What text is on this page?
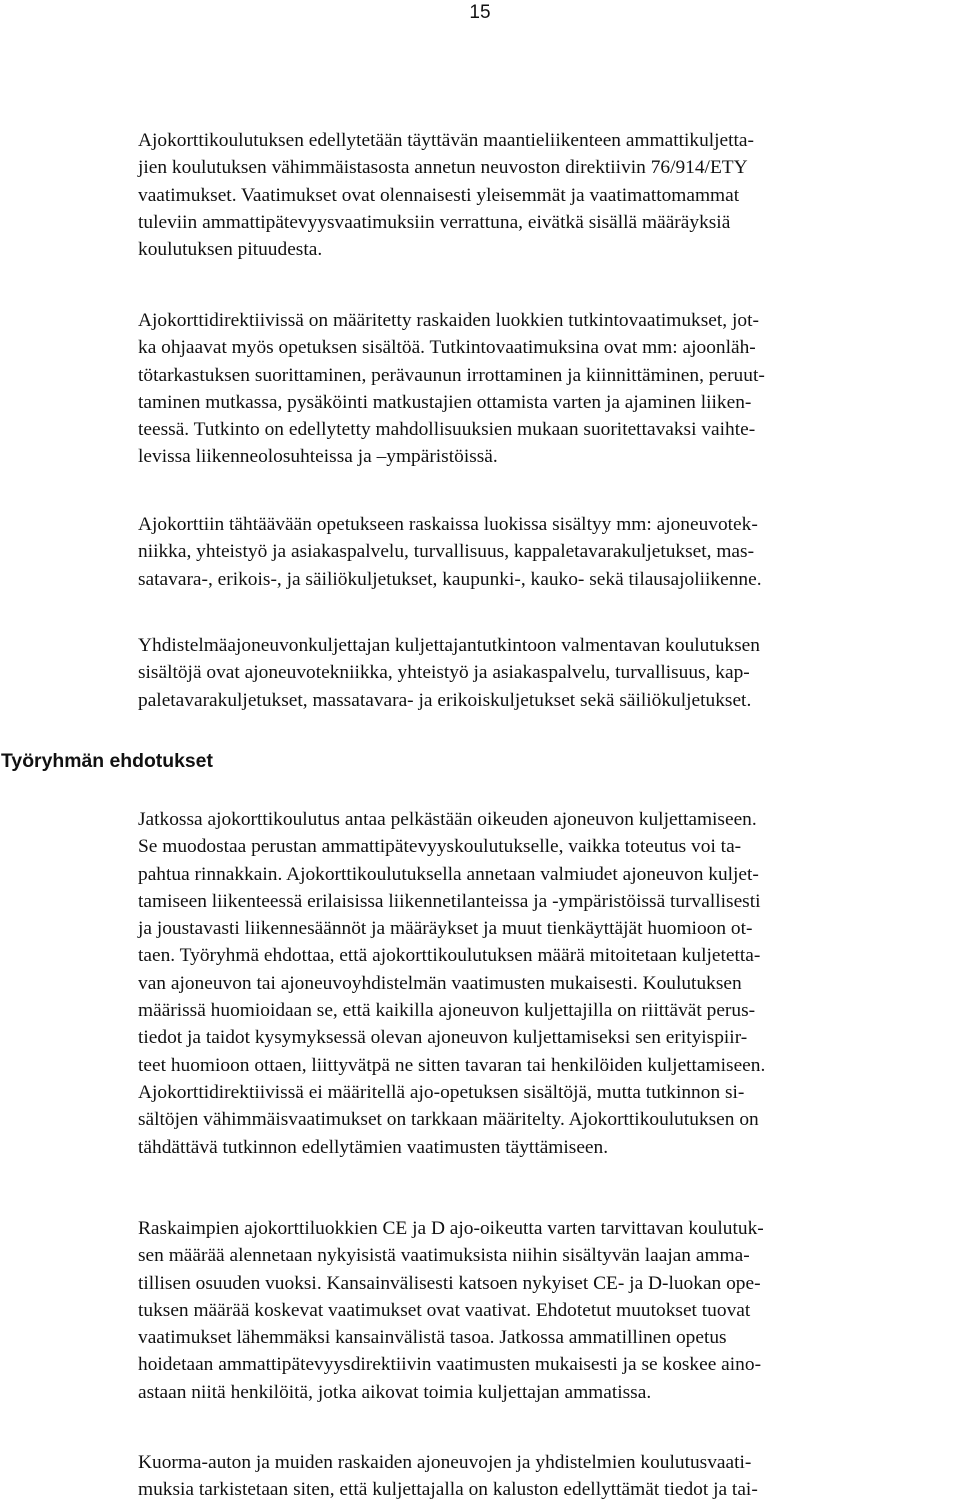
15

Ajokorttikoulutuksen edellytetään täyttävän maantieliikenteen ammattikuljetta-
jien koulutuksen vähimmäistasosta annetun neuvoston direktiivin 76/914/ETY
vaatimukset. Vaatimukset ovat olennaisesti yleisemmät ja vaatimattomammat
tuleviin ammattipätevyysvaatimuksiin verrattuna, eivätkä sisällä määräyksiä
koulutuksen pituudesta.

Ajokorttidirektiivissä on määritetty raskaiden luokkien tutkintovaatimukset, jot-
ka ohjaavat myös opetuksen sisältöä. Tutkintovaatimuksina ovat mm: ajoonläh-
tötarkastuksen suorittaminen, perävaunun irrottaminen ja kiinnittäminen, peruut-
taminen mutkassa, pysäköinti matkustajien ottamista varten ja ajaminen liiken-
teessä. Tutkinto on edellytetty mahdollisuuksien mukaan suoritettavaksi vaihte-
levissa liikenneolosuhteissa ja –ympäristöissä.

Ajokorttiin tähtäävään opetukseen raskaissa luokissa sisältyy mm: ajoneuvotek-
niikka, yhteistyö ja asiakaspalvelu, turvallisuus, kappaletavarakuljetukset, mas-
satavara-, erikois-, ja säiliökuljetukset, kaupunki-, kauko- sekä tilausajoliikenne.

Yhdistelmäajoneuvonkuljettajan kuljettajantutkintoon valmentavan koulutuksen
sisältöjä ovat ajoneuvotekniikka, yhteistyö ja asiakaspalvelu, turvallisuus, kap-
paletavarakuljetukset, massatavara- ja erikoiskuljetukset sekä säiliökuljetukset.

Työryhmän ehdotukset

Jatkossa ajokorttikoulutus antaa pelkästään oikeuden ajoneuvon kuljettamiseen.
Se muodostaa perustan ammattipätevyyskoulutukselle, vaikka toteutus voi ta-
pahtua rinnakkain. Ajokorttikoulutuksella annetaan valmiudet ajoneuvon kuljet-
tamiseen liikenteessä erilaisissa liikennetilanteissa ja -ympäristöissä turvallisesti
ja joustavasti liikennesäännöt ja määräykset ja muut tienkäyttäjät huomioon ot-
taen. Työryhmä ehdottaa, että ajokorttikoulutuksen määrä mitoitetaan kuljetetta-
van ajoneuvon tai ajoneuvoyhdistelmän vaatimusten mukaisesti. Koulutuksen
määrissä huomioidaan se, että kaikilla ajoneuvon kuljettajilla on riittävät perus-
tiedot ja taidot kysymyksessä olevan ajoneuvon kuljettamiseksi sen erityispiir-
teet huomioon ottaen, liittyvätpä ne sitten tavaran tai henkilöiden kuljettamiseen.
Ajokorttidirektiivissä ei määritellä ajo-opetuksen sisältöjä, mutta tutkinnon si-
sältöjen vähimmäisvaatimukset on tarkkaan määritelty. Ajokorttikoulutuksen on
tähdättävä tutkinnon edellytämien vaatimusten täyttämiseen.

Raskaimpien ajokorttiluokkien CE ja D ajo-oikeutta varten tarvittavan koulutuk-
sen määrää alennetaan nykyisistä vaatimuksista niihin sisältyvän laajan amma-
tillisen osuuden vuoksi. Kansainvälisesti katsoen nykyiset CE- ja D-luokan ope-
tuksen määrää koskevat vaatimukset ovat vaativat. Ehdotetut muutokset tuovat
vaatimukset lähemmäksi kansainvälistä tasoa. Jatkossa ammatillinen opetus
hoidetaan ammattipätevyysdirektiivin vaatimusten mukaisesti ja se koskee aino-
astaan niitä henkilöitä, jotka aikovat toimia kuljettajan ammatissa.

Kuorma-auton ja muiden raskaiden ajoneuvojen ja yhdistelmien koulutusvaati-
muksia tarkistetaan siten, että kuljettajalla on kaluston edellyttämät tiedot ja tai-
